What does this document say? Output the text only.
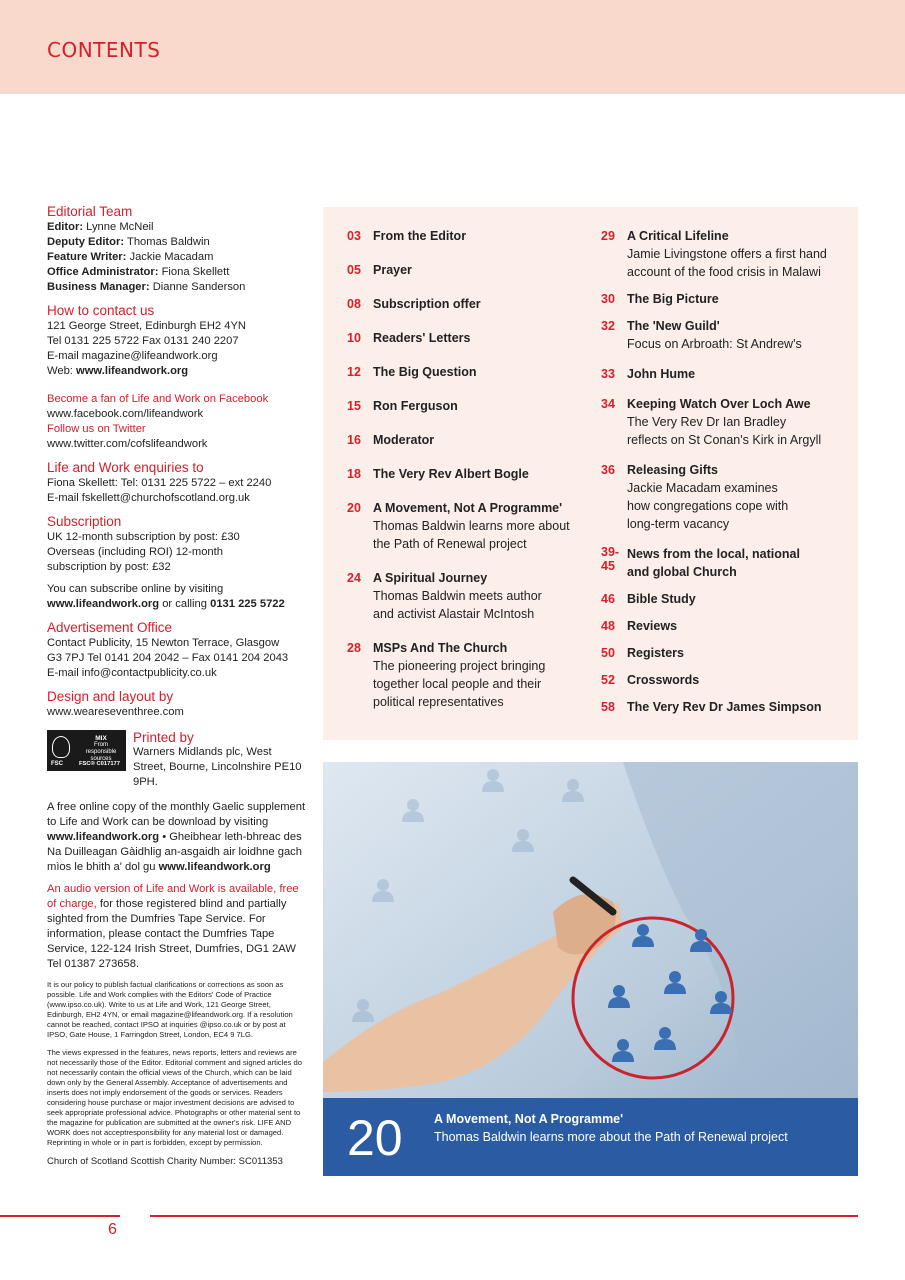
CONTENTS
Editorial Team
Editor: Lynne McNeil
Deputy Editor: Thomas Baldwin
Feature Writer: Jackie Macadam
Office Administrator: Fiona Skellett
Business Manager: Dianne Sanderson
How to contact us
121 George Street, Edinburgh EH2 4YN
Tel 0131 225 5722 Fax 0131 240 2207
E-mail magazine@lifeandwork.org
Web: www.lifeandwork.org
Become a fan of Life and Work on Facebook
www.facebook.com/lifeandwork
Follow us on Twitter
www.twitter.com/cofslifeandwork
Life and Work enquiries to
Fiona Skellett: Tel: 0131 225 5722 – ext 2240
E-mail fskellett@churchofscotland.org.uk
Subscription
UK 12-month subscription by post: £30
Overseas (including ROI) 12-month
subscription by post: £32
You can subscribe online by visiting
www.lifeandwork.org or calling 0131 225 5722
Advertisement Office
Contact Publicity, 15 Newton Terrace, Glasgow
G3 7PJ Tel 0141 204 2042 – Fax 0141 204 2043
E-mail info@contactpublicity.co.uk
Design and layout by
www.weareseventhree.com
FSC
MIX
From responsible sources
FSC® C017177
Printed by
Warners Midlands plc, West Street, Bourne, Lincolnshire PE10 9PH.
A free online copy of the monthly Gaelic supplement to Life and Work can be download by visiting www.lifeandwork.org • Gheibhear leth-bhreac des Na Duilleagan Gàidhlig an-asgaidh air loidhne gach mìos le bhith a' dol gu www.lifeandwork.org
An audio version of Life and Work is available, free of charge, for those registered blind and partially sighted from the Dumfries Tape Service. For information, please contact the Dumfries Tape Service, 122-124 Irish Street, Dumfries, DG1 2AW Tel 01387 273658.
It is our policy to publish factual clarifications or corrections as soon as possible. Life and Work complies with the Editors' Code of Practice (www.ipso.co.uk). Write to us at Life and Work, 121 George Street, Edinburgh, EH2 4YN, or email magazine@lifeandwork.org. If a resolution cannot be reached, contact IPSO at inquiries @ipso.co.uk or by post at IPSO, Gate House, 1 Farringdon Street, London, EC4 9 7LG.
The views expressed in the features, news reports, letters and reviews are not necessarily those of the Editor. Editorial comment and signed articles do not necessarily contain the official views of the Church, which can be laid down only by the General Assembly. Acceptance of advertisements and inserts does not imply endorsement of the goods or services. Readers considering house purchase or major investment decisions are advised to seek appropriate professional advice. Photographs or other material sent to the magazine for publication are submitted at the owner's risk. LIFE AND WORK does not acceptresponsibility for any material lost or damaged. Reprinting in whole or in part is forbidden, except by permission.
Church of Scotland Scottish Charity Number: SC011353
03 From the Editor
05 Prayer
08 Subscription offer
10 Readers' Letters
12 The Big Question
15 Ron Ferguson
16 Moderator
18 The Very Rev Albert Bogle
20 A Movement, Not A Programme'
Thomas Baldwin learns more about the Path of Renewal project
24 A Spiritual Journey
Thomas Baldwin meets author and activist Alastair McIntosh
28 MSPs And The Church
The pioneering project bringing together local people and their political representatives
29 A Critical Lifeline
Jamie Livingstone offers a first hand account of the food crisis in Malawi
30 The Big Picture
32 The 'New Guild'
Focus on Arbroath: St Andrew's
33 John Hume
34 Keeping Watch Over Loch Awe
The Very Rev Dr Ian Bradley reflects on St Conan's Kirk in Argyll
36 Releasing Gifts
Jackie Macadam examines how congregations cope with long-term vacancy
39-45
News from the local, national and global Church
46 Bible Study
48 Reviews
50 Registers
52 Crosswords
58 The Very Rev Dr James Simpson
20	A Movement, Not A Programme'
Thomas Baldwin learns more about the Path of Renewal project
6
